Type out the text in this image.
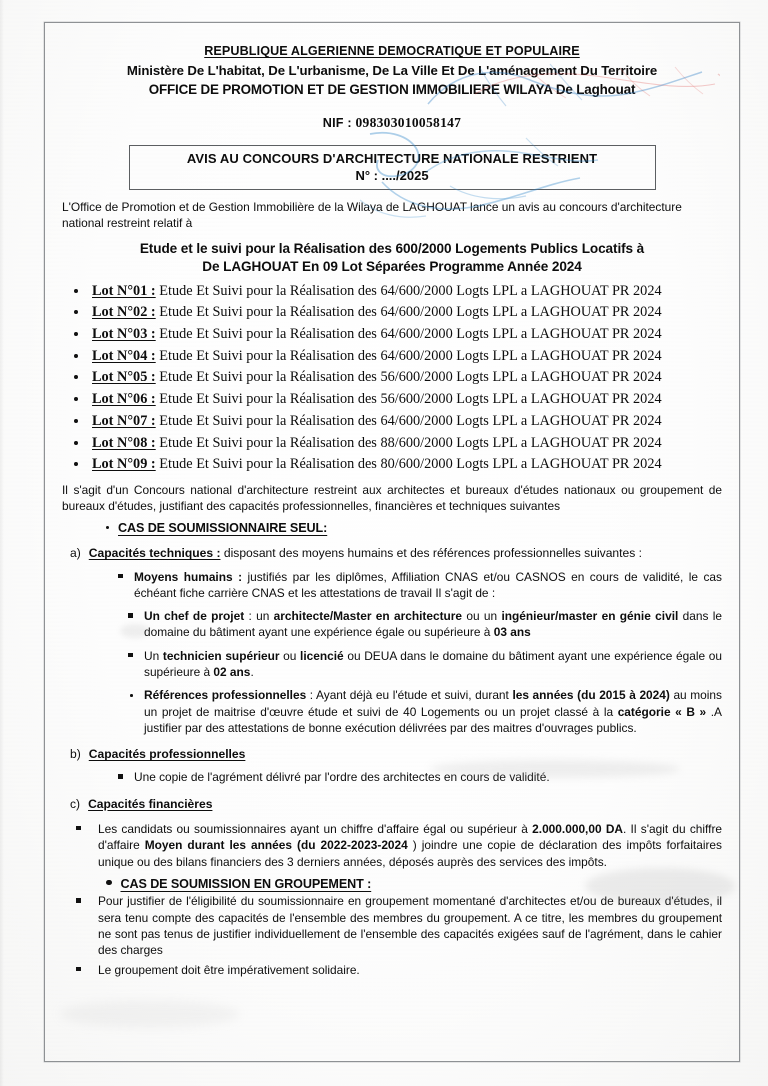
REPUBLIQUE ALGERIENNE DEMOCRATIQUE ET POPULAIRE
Ministère De L'habitat, De L'urbanisme, De La Ville Et De L'aménagement Du Territoire
OFFICE DE PROMOTION ET DE GESTION IMMOBILIERE WILAYA De Laghouat
NIF : 098303010058147
AVIS AU CONCOURS D'ARCHITECTURE NATIONALE RESTRIENT
N° : ..../2025
L'Office de Promotion et de Gestion Immobilière de la Wilaya de LAGHOUAT lance un avis au concours d'architecture national restreint relatif à
Etude et le suivi pour la Réalisation des 600/2000 Logements Publics Locatifs à
De LAGHOUAT En 09 Lot Séparées Programme Année 2024
Lot N°01 : Etude Et Suivi pour la Réalisation des 64/600/2000 Logts LPL a LAGHOUAT PR 2024
Lot N°02 : Etude Et Suivi pour la Réalisation des 64/600/2000 Logts LPL a LAGHOUAT PR 2024
Lot N°03 : Etude Et Suivi pour la Réalisation des 64/600/2000 Logts LPL a LAGHOUAT PR 2024
Lot N°04 : Etude Et Suivi pour la Réalisation des 64/600/2000 Logts LPL a LAGHOUAT PR 2024
Lot N°05 : Etude Et Suivi pour la Réalisation des 56/600/2000 Logts LPL a LAGHOUAT PR 2024
Lot N°06 : Etude Et Suivi pour la Réalisation des 56/600/2000 Logts LPL a LAGHOUAT PR 2024
Lot N°07 : Etude Et Suivi pour la Réalisation des 64/600/2000 Logts LPL a LAGHOUAT PR 2024
Lot N°08 : Etude Et Suivi pour la Réalisation des 88/600/2000 Logts LPL a LAGHOUAT PR 2024
Lot N°09 : Etude Et Suivi pour la Réalisation des 80/600/2000 Logts LPL a LAGHOUAT PR 2024
Il s'agit d'un Concours national d'architecture restreint aux architectes et bureaux d'études nationaux ou groupement de bureaux d'études, justifiant des capacités professionnelles, financières et techniques suivantes
CAS DE SOUMISSIONNAIRE SEUL:
a) Capacités techniques : disposant des moyens humains et des références professionnelles suivantes :
Moyens humains : justifiés par les diplômes, Affiliation CNAS et/ou CASNOS en cours de validité, le cas échéant fiche carrière CNAS et les attestations de travail Il s'agit de :
Un chef de projet : un architecte/Master en architecture ou un ingénieur/master en génie civil dans le domaine du bâtiment ayant une expérience égale ou supérieure à 03 ans
Un technicien supérieur ou licencié ou DEUA dans le domaine du bâtiment ayant une expérience égale ou supérieure à 02 ans.
Références professionnelles : Ayant déjà eu l'étude et suivi, durant les années (du 2015 à 2024) au moins un projet de maitrise d'œuvre étude et suivi de 40 Logements ou un projet classé à la catégorie « B » .A justifier par des attestations de bonne exécution délivrées par des maitres d'ouvrages publics.
b) Capacités professionnelles
Une copie de l'agrément délivré par l'ordre des architectes en cours de validité.
c) Capacités financières
Les candidats ou soumissionnaires ayant un chiffre d'affaire égal ou supérieur à 2.000.000,00 DA. Il s'agit du chiffre d'affaire Moyen durant les années (du 2022-2023-2024 ) joindre une copie de déclaration des impôts forfaitaires unique ou des bilans financiers des 3 derniers années, déposés auprès des services des impôts.
CAS DE SOUMISSION EN GROUPEMENT :
Pour justifier de l'éligibilité du soumissionnaire en groupement momentané d'architectes et/ou de bureaux d'études, il sera tenu compte des capacités de l'ensemble des membres du groupement. A ce titre, les membres du groupement ne sont pas tenus de justifier individuellement de l'ensemble des capacités exigées sauf de l'agrément, dans le cahier des charges
Le groupement doit être impérativement solidaire.
